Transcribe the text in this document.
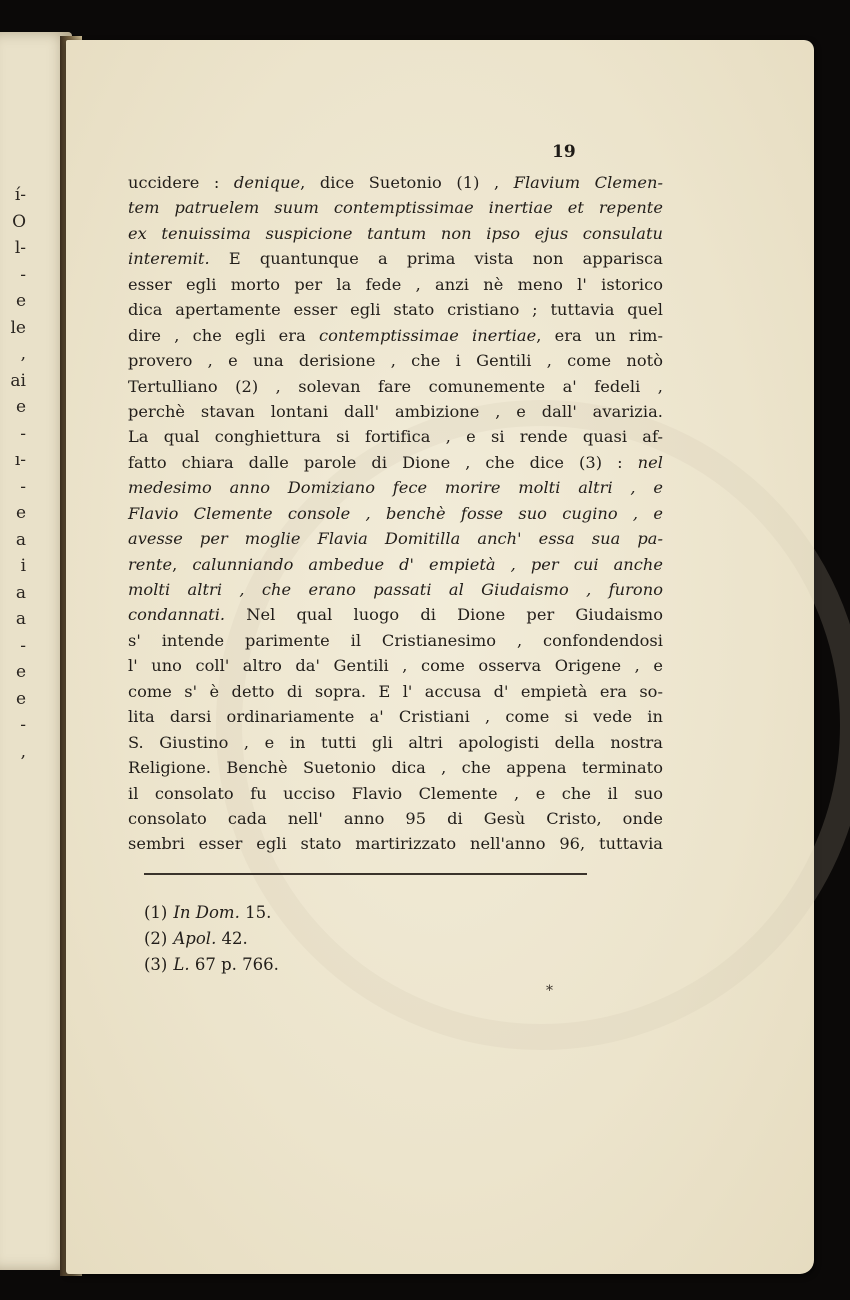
í-
O
l-
-
e
le
,
ai
e
-
ı-
-
e
a
i
a
a
-
e
e
-
,

19

uccidere : denique, dice Suetonio (1) , Flavium Clemen-
tem patruelem suum contemptissimae inertiae et repente
ex tenuissima suspicione tantum non ipso ejus consulatu
interemit. E quantunque a prima vista non apparisca
esser egli morto per la fede , anzi nè meno l' istorico
dica apertamente esser egli stato cristiano ; tuttavia quel
dire , che egli era contemptissimae inertiae, era un rim-
provero , e una derisione , che i Gentili , come notò
Tertulliano (2) , solevan fare comunemente a' fedeli ,
perchè stavan lontani dall' ambizione , e dall' avarizia.
La qual conghiettura si fortifica , e si rende quasi af-
fatto chiara dalle parole di Dione , che dice (3) : nel
medesimo anno Domiziano fece morire molti altri , e
Flavio Clemente console , benchè fosse suo cugino , e
avesse per moglie Flavia Domitilla anch' essa sua pa-
rente, calunniando ambedue d' empietà , per cui anche
molti altri , che erano passati al Giudaismo , furono
condannati. Nel qual luogo di Dione per Giudaismo
s' intende parimente il Cristianesimo , confondendosi
l' uno coll' altro da' Gentili , come osserva Origene , e
come s' è detto di sopra. E l' accusa d' empietà era so-
lita darsi ordinariamente a' Cristiani , come si vede in
S. Giustino , e in tutti gli altri apologisti della nostra
Religione. Benchè Suetonio dica , che appena terminato
il consolato fu ucciso Flavio Clemente , e che il suo
consolato cada nell' anno 95 di Gesù Cristo, onde
sembri esser egli stato martirizzato nell'anno 96, tuttavia
(1) In Dom. 15.
(2) Apol. 42.
(3) L. 67 p. 766.

*
